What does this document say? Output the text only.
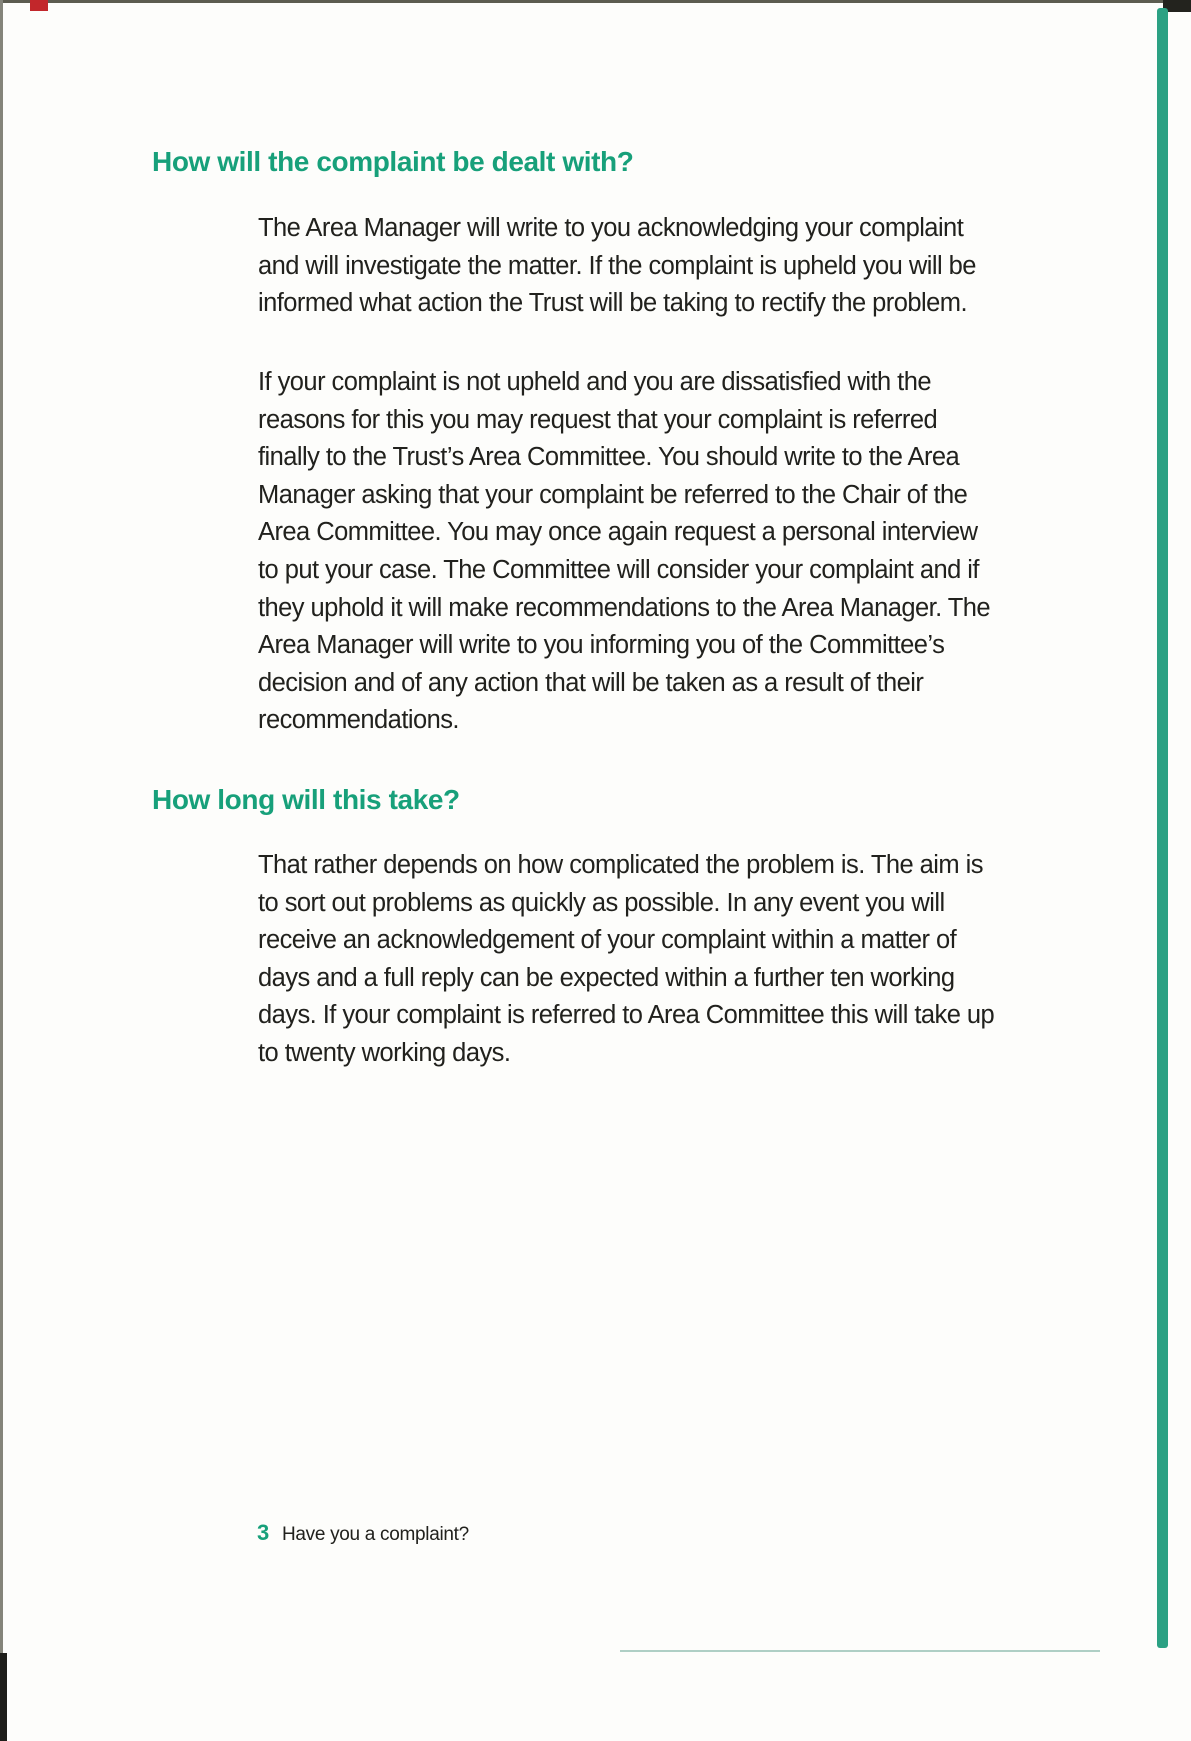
How will the complaint be dealt with?

The Area Manager will write to you acknowledging your complaint and will investigate the matter. If the complaint is upheld you will be informed what action the Trust will be taking to rectify the problem.

If your complaint is not upheld and you are dissatisfied with the reasons for this you may request that your complaint is referred finally to the Trust’s Area Committee. You should write to the Area Manager asking that your complaint be referred to the Chair of the Area Committee. You may once again request a personal interview to put your case. The Committee will consider your complaint and if they uphold it will make recommendations to the Area Manager. The Area Manager will write to you informing you of the Committee’s decision and of any action that will be taken as a result of their recommendations.

How long will this take?

That rather depends on how complicated the problem is. The aim is to sort out problems as quickly as possible. In any event you will receive an acknowledgement of your complaint within a matter of days and a full reply can be expected within a further ten working days. If your complaint is referred to Area Committee this will take up to twenty working days.

3 Have you a complaint?
